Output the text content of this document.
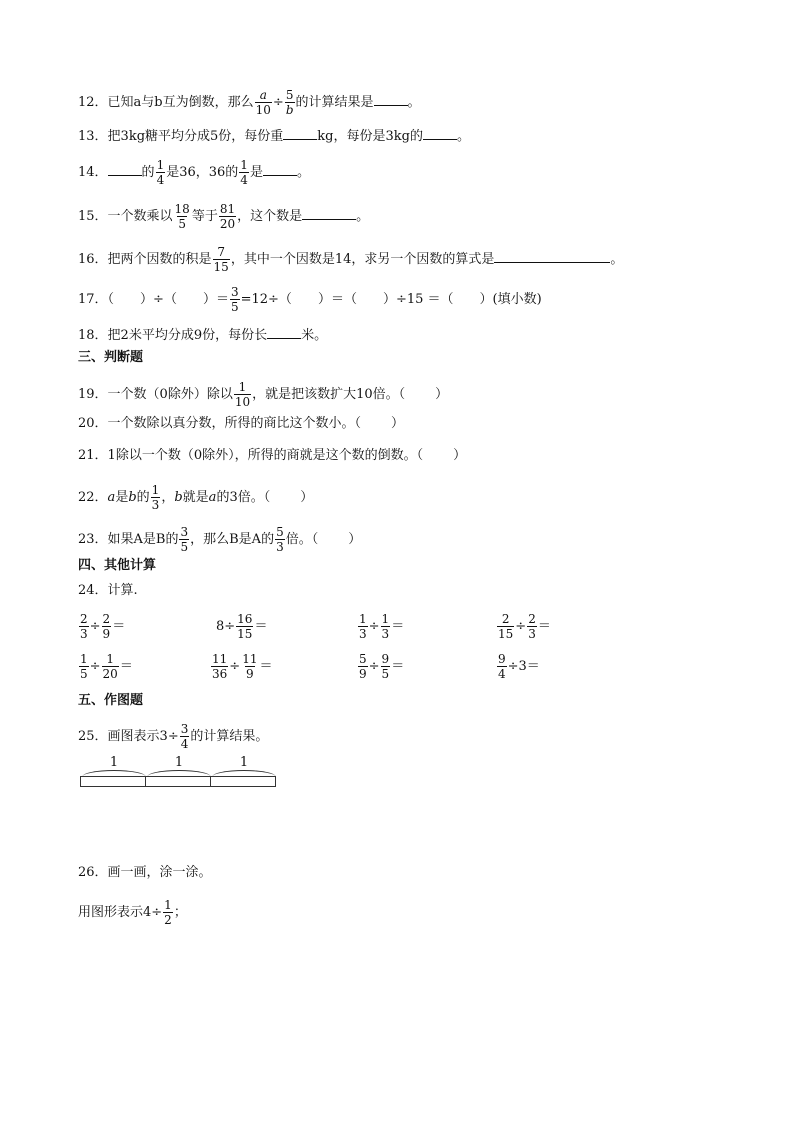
12．已知a与b互为倒数，那么 $\frac{a}{10} \div \frac{5}{b}$ 的计算结果是	。
13．把3kg糖平均分成5份，每份重	kg，每份是3kg的	。
14．	的 $\frac{1}{4}$ 是36，36的 $\frac{1}{4}$ 是	。
15．一个数乘以 $\frac{18}{5}$ 等于 $\frac{81}{20}$ ，这个数是	。
16．把两个因数的积是 $\frac{7}{15}$ ，其中一个因数是14，求另一个因数的算式是	。
17．（ ）÷（ ）＝ $\frac{3}{5} =12\div$（ ）＝（ ）÷15 ＝（ ）(填小数)
18．把2米平均分成9份，每份长	米。
三、判断题
19．一个数（0除外）除以 $\frac{1}{10}$ ，就是把该数扩大10倍。（ ）
20．一个数除以真分数，所得的商比这个数小。（ ）
21．1除以一个数（0除外），所得的商就是这个数的倒数。（ ）
22．a是b的 $\frac{1}{3}$ ，b就是a的3倍。（ ）
23．如果A是B的 $\frac{3}{5}$ ，那么B是A的 $\frac{5}{3}$ 倍。（ ）
四、其他计算
24．计算.
$\frac{2}{3} \div \frac{2}{9}$ ＝	$8\div \frac{16}{15}$ ＝	$\frac{1}{3} \div \frac{1}{3}$ ＝	$\frac{2}{15} \div \frac{2}{3}$ ＝
$\frac{1}{5} \div \frac{1}{20}$ ＝	$\frac{11}{36} \div \frac{11}{9}$ ＝	$\frac{5}{9} \div \frac{9}{5}$ ＝	$\frac{9}{4} \div 3=$
五、作图题
25．画图表示$3\div \frac{3}{4}$ 的计算结果。
1	1	1
26．画一画，涂一涂。
用图形表示$4\div \frac{1}{2}$ ；
